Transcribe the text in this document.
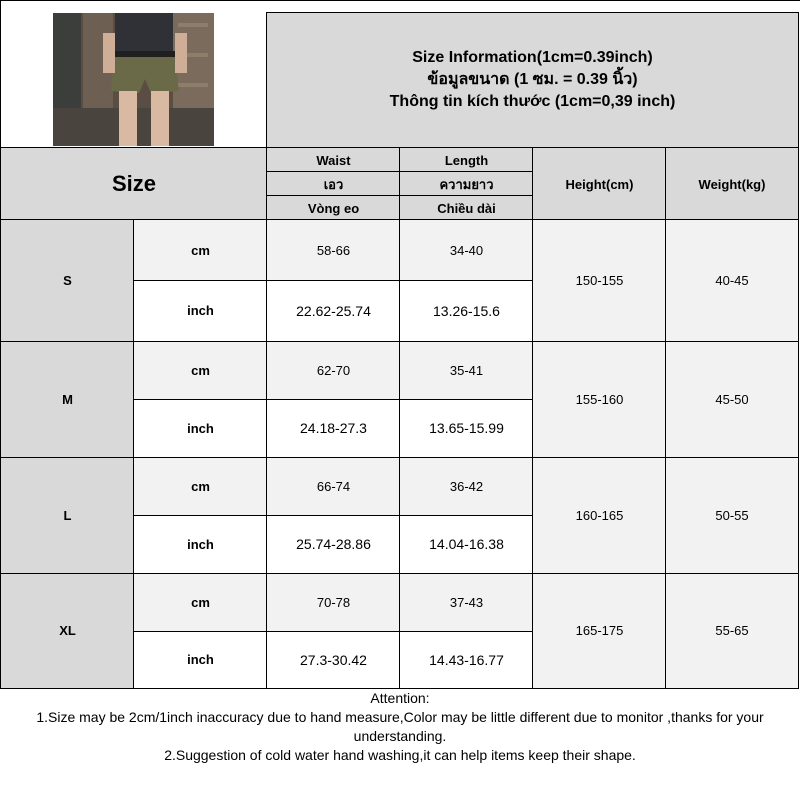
Size Information(1cm=0.39inch)
ข้อมูลขนาด (1 ซม. = 0.39 นิ้ว)
Thông tin kích thước (1cm=0,39 inch)
Size
Waist
เอว
Vòng eo
Length
ความยาว
Chiều dài
Height(cm)	Weight(kg)
S
cm	58-66	34-40
inch	22.62-25.74	13.26-15.6
150-155	40-45
M
cm	62-70	35-41
inch	24.18-27.3	13.65-15.99
155-160	45-50
L
cm	66-74	36-42
inch	25.74-28.86	14.04-16.38
160-165	50-55
XL
cm	70-78	37-43
inch	27.3-30.42	14.43-16.77
165-175	55-65
Attention:
1.Size may be 2cm/1inch inaccuracy due to hand measure,Color may be little different due to monitor ,thanks for your
understanding.
2.Suggestion of cold water hand washing,it can help items keep their shape.
